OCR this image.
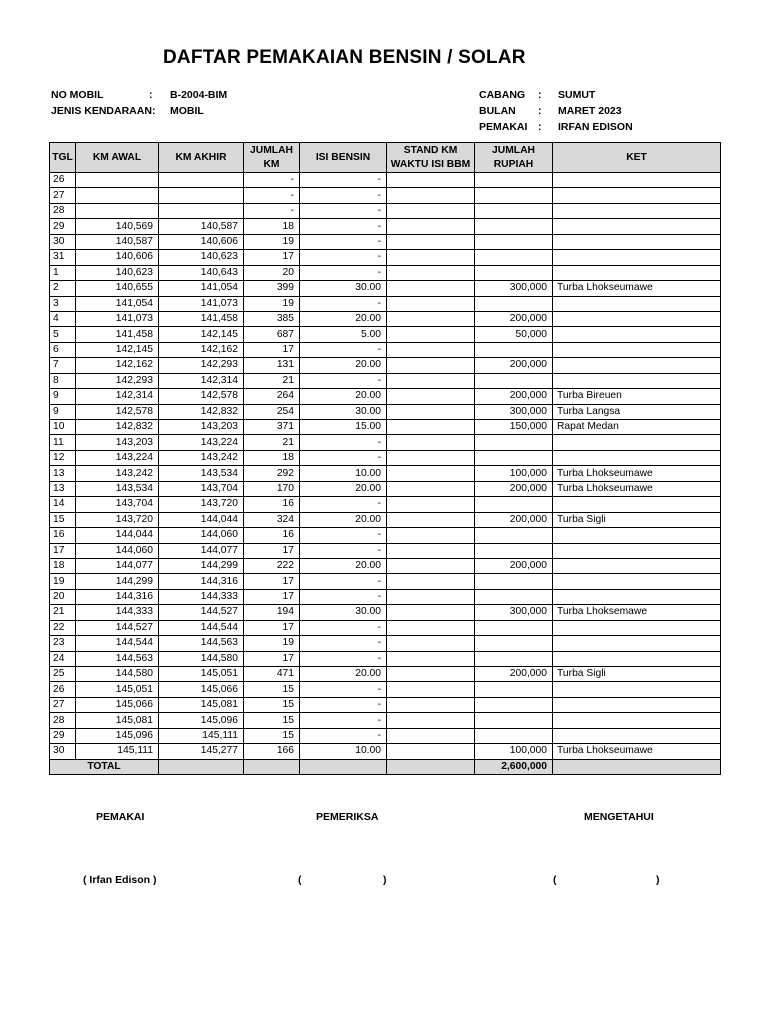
DAFTAR PEMAKAIAN BENSIN / SOLAR
NO MOBIL	: B-2004-BIM
JENIS KENDARAAN : MOBIL
CABANG : SUMUT
BULAN : MARET 2023
PEMAKAI : IRFAN EDISON
TGL	KM AWAL	KM AKHIR	JUMLAH KM	ISI BENSIN	STAND KM WAKTU ISI BBM	JUMLAH RUPIAH	KET
26			-	-			
27			-	-			
28			-	-			
29	140,569	140,587	18	-			
30	140,587	140,606	19	-			
31	140,606	140,623	17	-			
1	140,623	140,643	20	-			
2	140,655	141,054	399	30.00		300,000	Turba Lhokseumawe
3	141,054	141,073	19	-			
4	141,073	141,458	385	20.00		200,000	
5	141,458	142,145	687	5.00		50,000	
6	142,145	142,162	17	-			
7	142,162	142,293	131	20.00		200,000	
8	142,293	142,314	21	-			
9	142,314	142,578	264	20.00		200,000	Turba Bireuen
9	142,578	142,832	254	30.00		300,000	Turba Langsa
10	142,832	143,203	371	15.00		150,000	Rapat Medan
11	143,203	143,224	21	-			
12	143,224	143,242	18	-			
13	143,242	143,534	292	10.00		100,000	Turba Lhokseumawe
13	143,534	143,704	170	20.00		200,000	Turba Lhokseumawe
14	143,704	143,720	16	-			
15	143,720	144,044	324	20.00		200,000	Turba Sigli
16	144,044	144,060	16	-			
17	144,060	144,077	17	-			
18	144,077	144,299	222	20.00		200,000	
19	144,299	144,316	17	-			
20	144,316	144,333	17	-			
21	144,333	144,527	194	30.00		300,000	Turba Lhoksemawe
22	144,527	144,544	17	-			
23	144,544	144,563	19	-			
24	144,563	144,580	17	-			
25	144,580	145,051	471	20.00		200,000	Turba Sigli
26	145,051	145,066	15	-			
27	145,066	145,081	15	-			
28	145,081	145,096	15	-			
29	145,096	145,111	15	-			
30	145,111	145,277	166	10.00		100,000	Turba Lhokseumawe
TOTAL						2,600,000	
PEMAKAI	PEMERIKSA	MENGETAHUI
( Irfan Edison )	(	)	(	)
